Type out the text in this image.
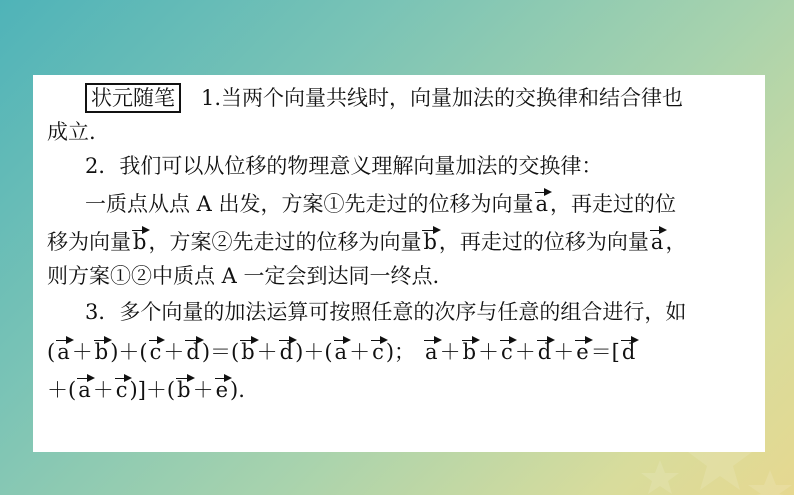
状元随笔 1.当两个向量共线时，向量加法的交换律和结合律也
成立.
2．我们可以从位移的物理意义理解向量加法的交换律：
一质点从点 A 出发，方案①先走过的位移为向量a，再走过的位
移为向量b，方案②先走过的位移为向量b，再走过的位移为向量a，
则方案①②中质点 A 一定会到达同一终点.
3．多个向量的加法运算可按照任意的次序与任意的组合进行，如
(a＋b)＋(c＋d)＝(b＋d)＋(a＋c)； a＋b＋c＋d＋e＝[d
＋(a＋c)]＋(b＋e).
